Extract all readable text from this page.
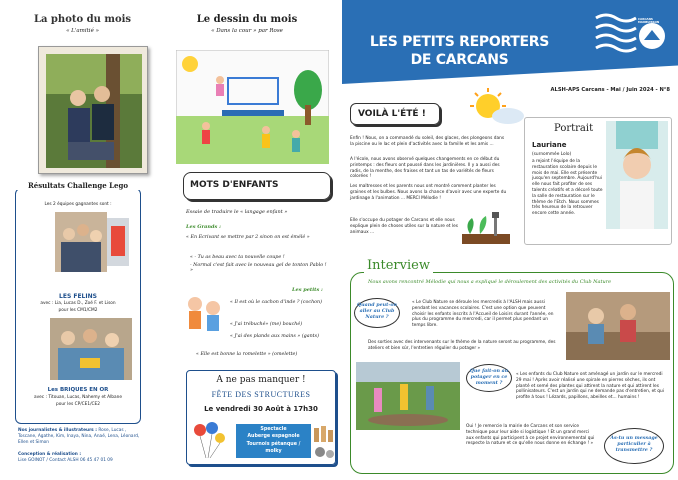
La photo du mois
« L'amitié »
Résultats Challenge Lego
Les 2 équipes gagnantes sont :
LES FELINS
avec : Lia, Lucas D., Zoé F. et Lison
pour les CM1/CM2
Les BRIQUES EN OR
avec : Titouan, Lucas, Nahemy et Albane
pour les CP/CE1/CE2
Nos journalistes & illustrateurs : Rose, Lucas , Toscane, Agathe, Kim, Inaya, Nina, Anaé, Lena, Léonard, Ellen et Simon
Conception & réalisation :
Lise GOINOT / Contact ALSH 06 45 47 01 09
Le dessin du mois
« Dans la cour » par Rose
MOTS D'ENFANTS
Essaie de traduire le « langage enfant »
Les Grands :
« En Ecrivant se mettre par 2 sinon on est émélé »
« - Tu as beau avec ta nouvelle coupe !
- Normal c'est fait avec le nouveau gel de tonton Pablo ! »
Les petits :
« Il est où le cachon d'inde ? (cochon)
« J'ai trébuché» (me) bouché)
« J'ai des plands aux mains » (gants)
« Elle est bonne la romelette » (omelette)
A ne pas manquer !
FÊTE DES STRUCTURES
Le vendredi 30 Août à 17h30
Spectacle
Auberge espagnole
Tournois pétanque / molky
LES PETITS REPORTERS
DE CARCANS
CARCANS MAUBUISSON
ALSH-APS Carcans - Mai / Juin 2024 - N°8
VOILÀ L'ÉTÉ !
Enfin ! Nous, on a commandé du soleil, des glaces, des plongeons dans la piscine ou le lac et plein d'activités avec la famille et les amis ...
A l'école, nous avons observé quelques changements en ce début du printemps : des fleurs ont poussé dans les jardinières. Il y a aussi des radis, de la menthe, des fraises et tant un tas de variétés de fleurs colorées !
Les maîtresses et les parents nous ont montré comment planter les graines et les bulbes. Nous avons la chance d'avoir avec une experte du jardinage à l'animation ... MERCI Mélodie !
Elle s'occupe du potager de Carcans et elle nous explique plein de choses utiles sur la nature et les animaux ...
Portrait
Lauriane
(surnommée Lolo)
a rejoint l'équipe de la restauration scolaire depuis le mois de mai. Elle est présente jusqu'en septembre. Aujourd'hui elle nous fait profiter de ses talents créatifs et a décoré toute la salle de restauration sur le thème de l'Etch. Nous sommes très heureux de la retrouver encore cette année.
Interview
Nous avons rencontré Mélodie qui nous a expliqué le déroulement des activités du Club Nature
Quand peut-on aller au Club Nature ?
« Le Club Nature se déroule les mercredis à l'ALSH mais aussi pendant les vacances scolaires. C'est une option que peuvent choisir les enfants inscrits à l'Accueil de Loisirs durant l'année, en plus du programme du mercredi, car il permet plus pendant un temps libre.
Des sorties avec des intervenants sur le thème de la nature seront au programme, des ateliers et bien sûr, l'entretien régulier du potager »
Que fait-on au potager en ce moment ?
« Les enfants du Club Nature ont aménagé un jardin sur le mercredi 29 mai ! Après avoir réalisé une spirale en pierres sèches, ils ont planté et semé des plantes qui attirent la nature et qui attirent les pollinisateurs. C'est un jardin qui ne demande pas d'entretien, et qui profite à tous ! Lézards, papillons, abeilles et... humains !
Oui ! Je remercie la mairie de Carcans et son service technique pour leur aide si logistique ! Et un grand merci aux enfants qui participent à ce projet environnemental qui respecte la nature et ce qu'elle nous donne en échange ! »
As-tu un message particulier à transmettre ?
